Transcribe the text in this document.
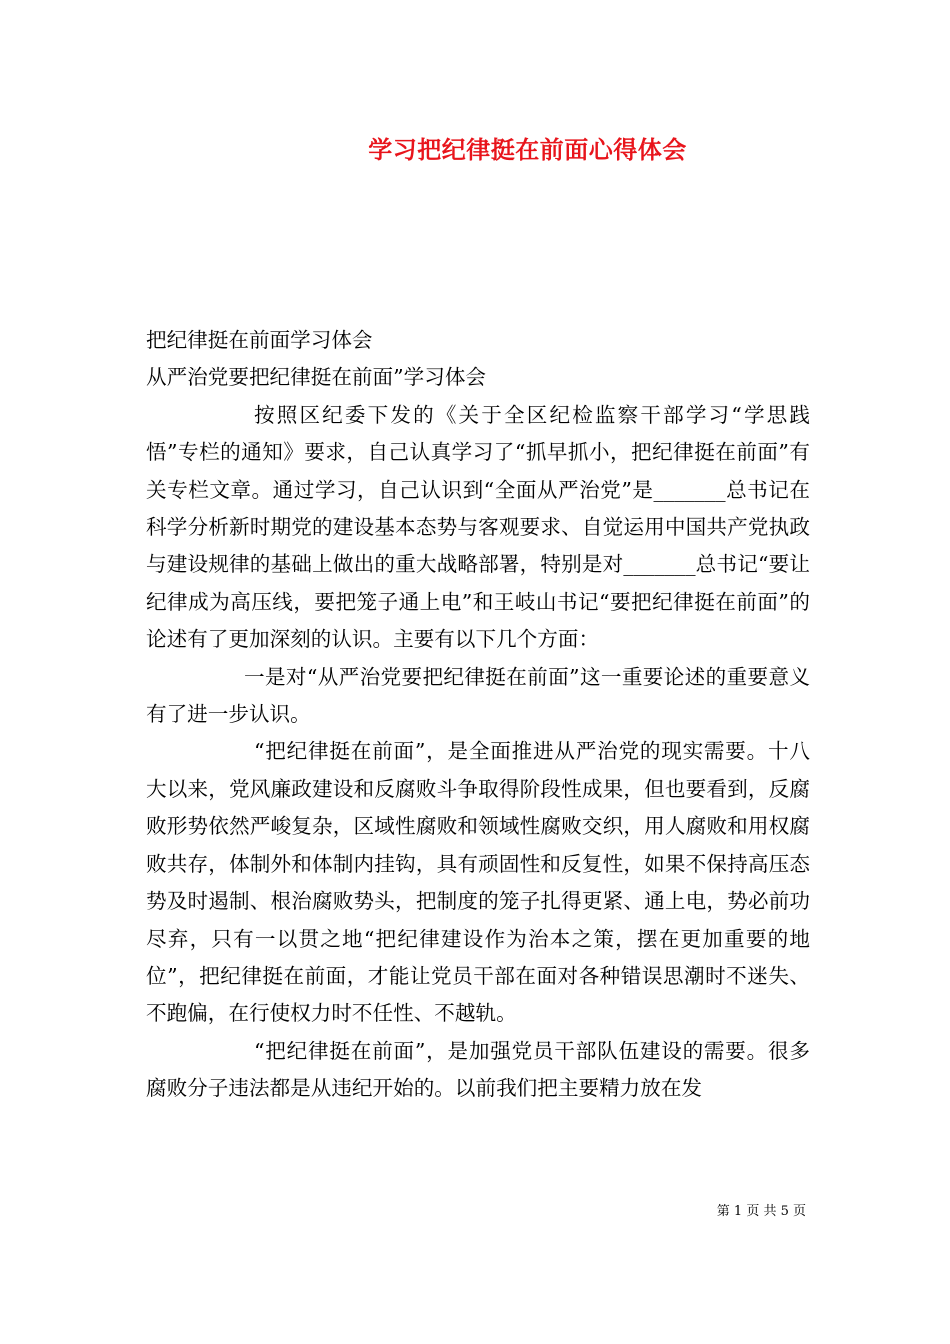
学习把纪律挺在前面心得体会

把纪律挺在前面学习体会

从严治党要把纪律挺在前面”学习体会

按照区纪委下发的《关于全区纪检监察干部学习“学思践悟”专栏的通知》要求，自己认真学习了“抓早抓小，把纪律挺在前面”有关专栏文章。通过学习，自己认识到“全面从严治党”是_______总书记在科学分析新时期党的建设基本态势与客观要求、自觉运用中国共产党执政与建设规律的基础上做出的重大战略部署，特别是对_______总书记“要让纪律成为高压线，要把笼子通上电”和王岐山书记“要把纪律挺在前面”的论述有了更加深刻的认识。主要有以下几个方面：

一是对“从严治党要把纪律挺在前面”这一重要论述的重要意义有了进一步认识。

“把纪律挺在前面”，是全面推进从严治党的现实需要。十八大以来，党风廉政建设和反腐败斗争取得阶段性成果，但也要看到，反腐败形势依然严峻复杂，区域性腐败和领域性腐败交织，用人腐败和用权腐败共存，体制外和体制内挂钩，具有顽固性和反复性，如果不保持高压态势及时遏制、根治腐败势头，把制度的笼子扎得更紧、通上电，势必前功尽弃，只有一以贯之地“把纪律建设作为治本之策，摆在更加重要的地位”，把纪律挺在前面，才能让党员干部在面对各种错误思潮时不迷失、不跑偏，在行使权力时不任性、不越轨。

“把纪律挺在前面”，是加强党员干部队伍建设的需要。很多腐败分子违法都是从违纪开始的。以前我们把主要精力放在发

第 1 页 共 5 页
